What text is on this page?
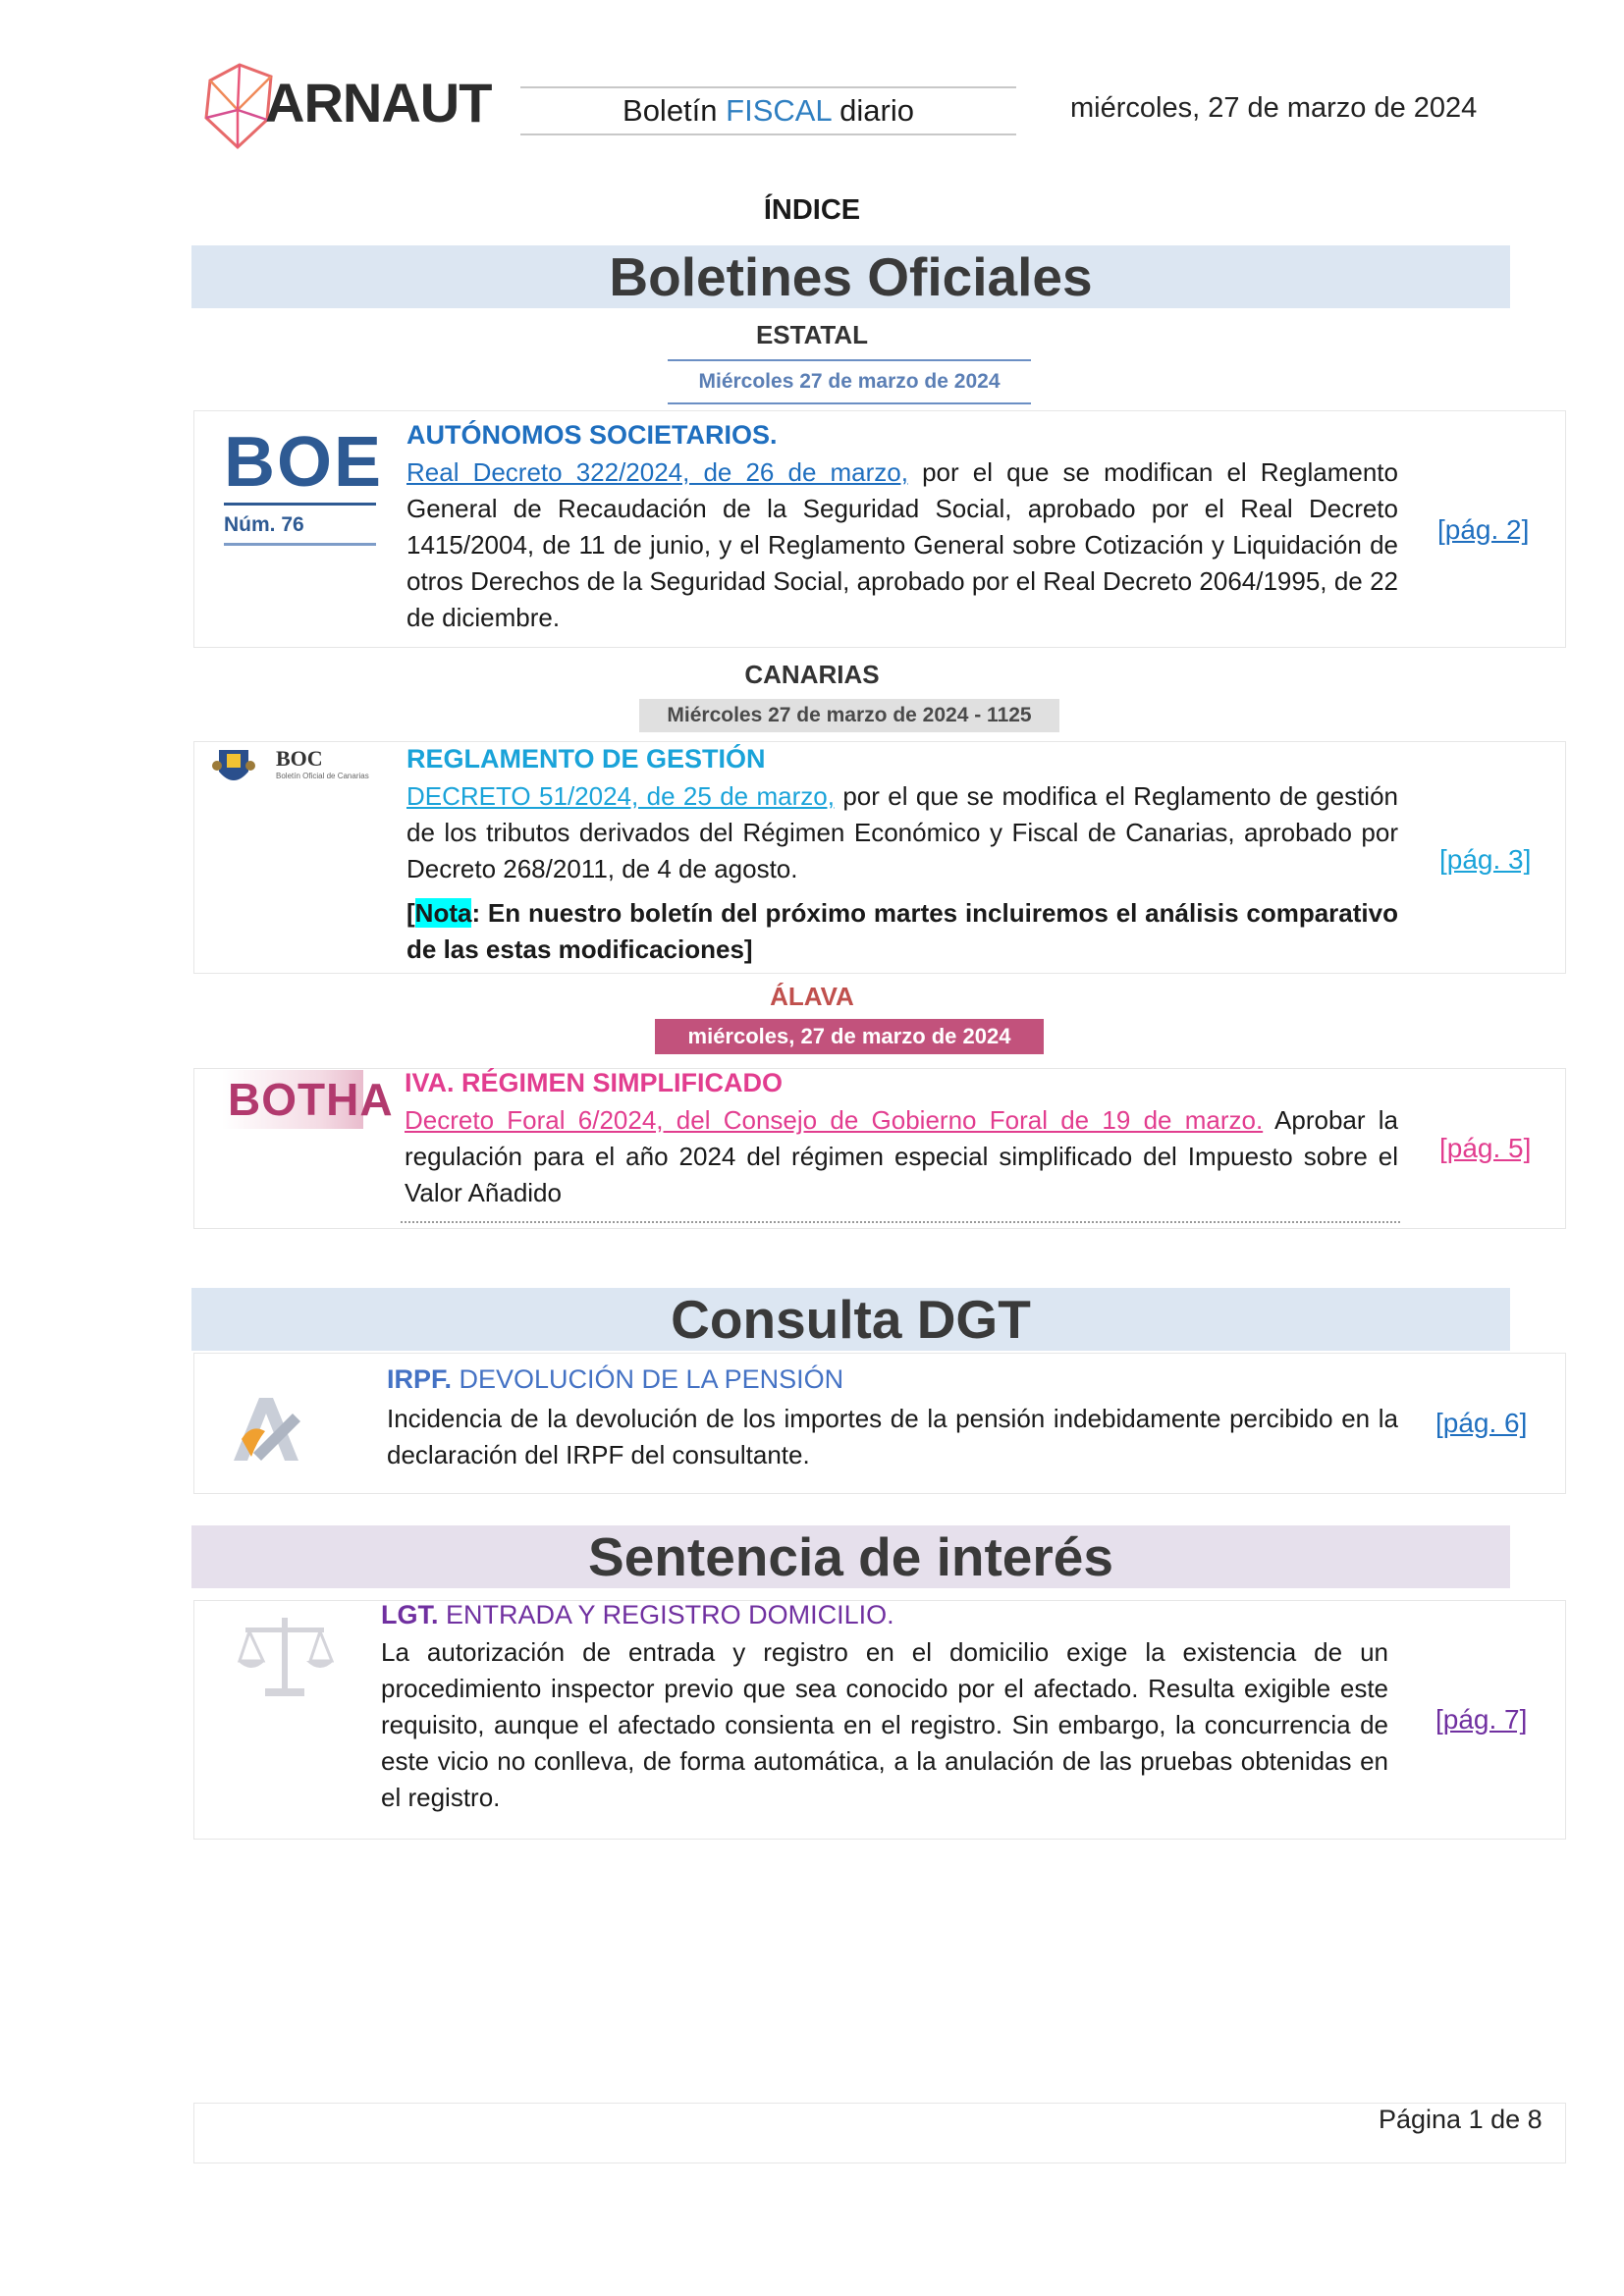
ARNAUT	Boletín FISCAL diario	miércoles, 27 de marzo de 2024
ÍNDICE
Boletines Oficiales
ESTATAL
Miércoles 27 de marzo de 2024
BOE
Núm. 76
AUTÓNOMOS SOCIETARIOS.
Real Decreto 322/2024, de 26 de marzo, por el que se modifican el Reglamento General de Recaudación de la Seguridad Social, aprobado por el Real Decreto 1415/2004, de 11 de junio, y el Reglamento General sobre Cotización y Liquidación de otros Derechos de la Seguridad Social, aprobado por el Real Decreto 2064/1995, de 22 de diciembre.
[pág. 2]
CANARIAS
Miércoles 27 de marzo de 2024 - 1125
BOC
Boletín Oficial de Canarias
REGLAMENTO DE GESTIÓN
DECRETO 51/2024, de 25 de marzo, por el que se modifica el Reglamento de gestión de los tributos derivados del Régimen Económico y Fiscal de Canarias, aprobado por Decreto 268/2011, de 4 de agosto.
[Nota: En nuestro boletín del próximo martes incluiremos el análisis comparativo de las estas modificaciones]
[pág. 3]
ÁLAVA
miércoles, 27 de marzo de 2024
BOTHA IVA. RÉGIMEN SIMPLIFICADO
Decreto Foral 6/2024, del Consejo de Gobierno Foral de 19 de marzo. Aprobar la regulación para el año 2024 del régimen especial simplificado del Impuesto sobre el Valor Añadido
[pág. 5]
Consulta DGT
IRPF. DEVOLUCIÓN DE LA PENSIÓN
Incidencia de la devolución de los importes de la pensión indebidamente percibido en la declaración del IRPF del consultante.
[pág. 6]
Sentencia de interés
LGT. ENTRADA Y REGISTRO DOMICILIO.
La autorización de entrada y registro en el domicilio exige la existencia de un procedimiento inspector previo que sea conocido por el afectado. Resulta exigible este requisito, aunque el afectado consienta en el registro. Sin embargo, la concurrencia de este vicio no conlleva, de forma automática, a la anulación de las pruebas obtenidas en el registro.
[pág. 7]
Página 1 de 8
